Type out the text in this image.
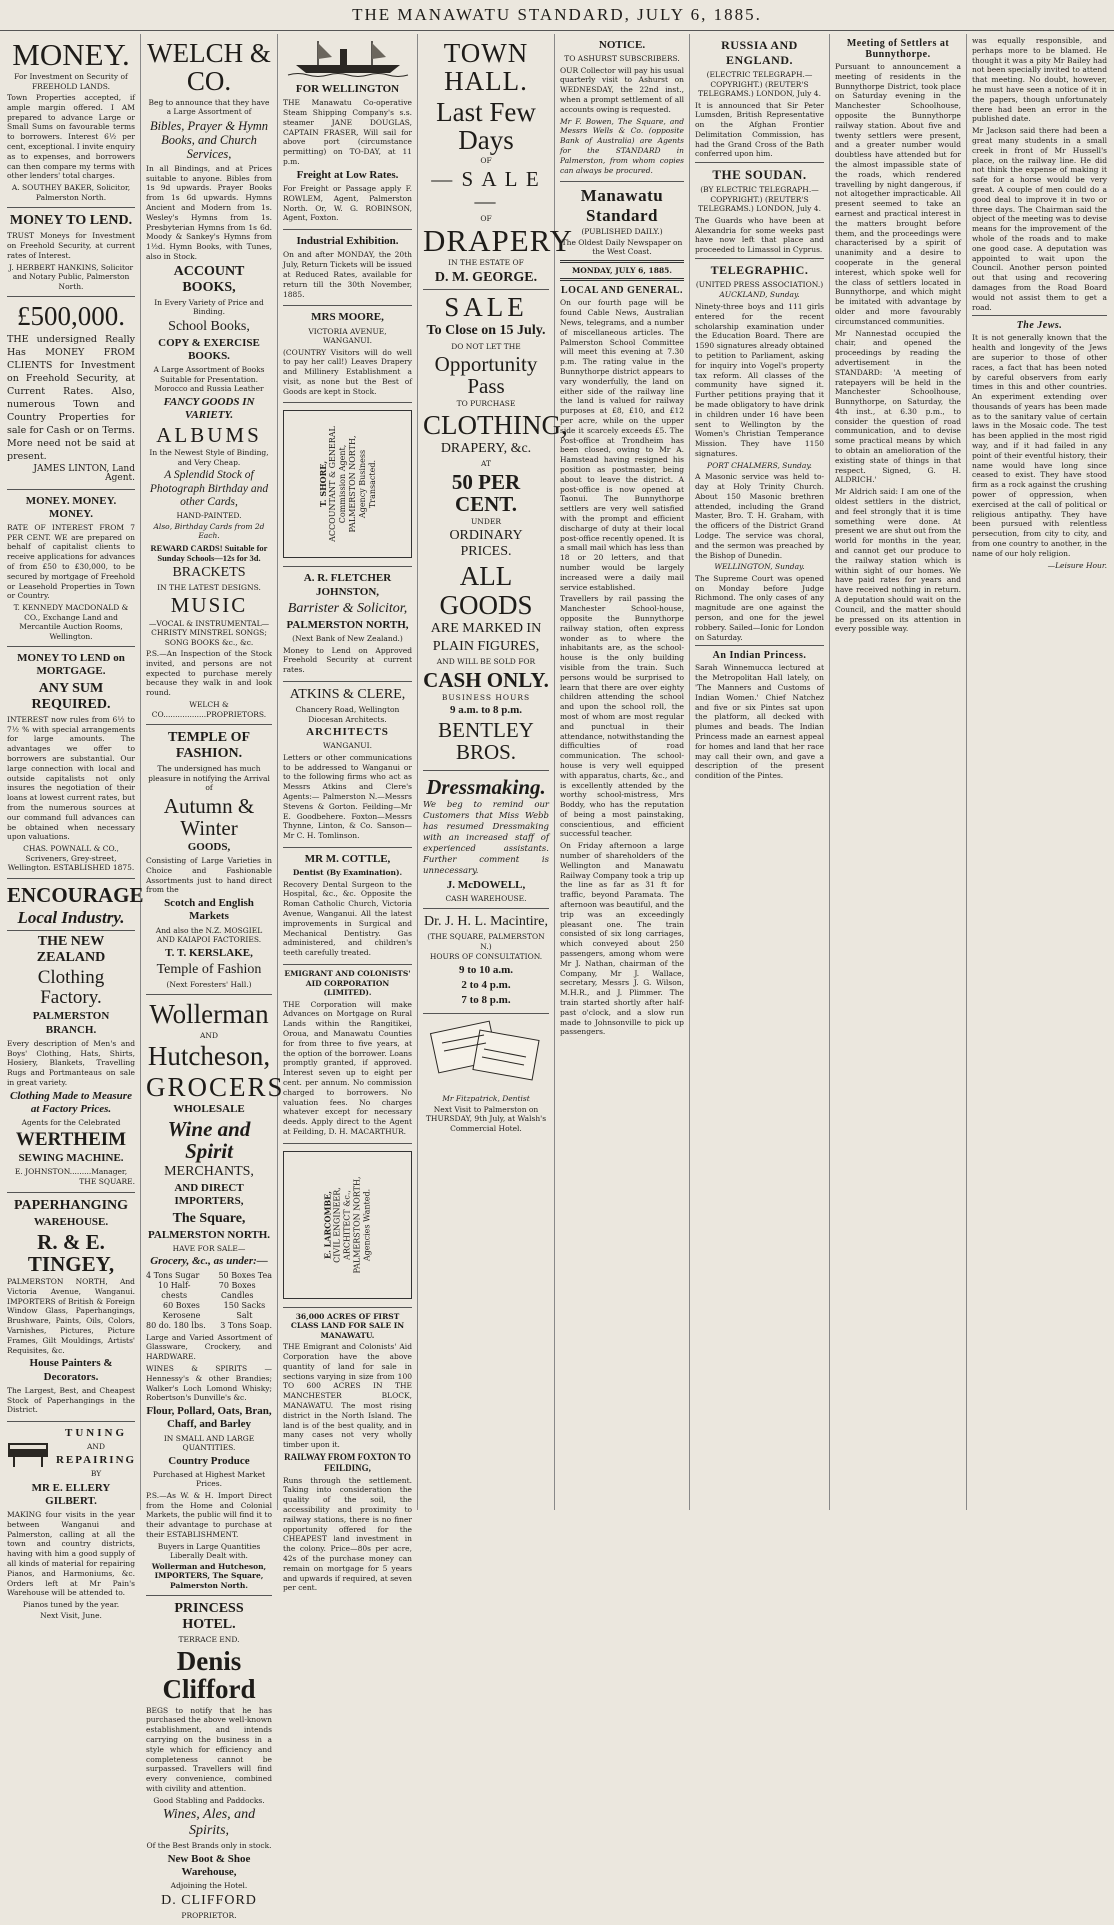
THE MANAWATU STANDARD, JULY 6, 1885.
MONEY.
For Investment on Security of FREEHOLD LANDS.
Town Properties accepted, if ample margin offered. I AM prepared to advance Large or Small Sums on favourable terms to borrowers. Interest 6½ per cent, exceptional. I invite enquiry as to expenses, and borrowers can then compare my terms with other lenders' total charges.
A. SOUTHEY BAKER, Solicitor, Palmerston North.
MONEY TO LEND.
TRUST Moneys for Investment on Freehold Security, at current rates of Interest.
J. HERBERT HANKINS, Solicitor and Notary Public, Palmerston North.
£500,000.
THE undersigned Really Has MONEY FROM CLIENTS for Investment on Freehold Security, at Current Rates. Also, numerous Town and Country Properties for sale for Cash or on Terms. More need not be said at present.
JAMES LINTON, Land Agent.
MONEY. MONEY. MONEY.
RATE OF INTEREST FROM 7 PER CENT. WE are prepared on behalf of capitalist clients to receive applications for advances of from £50 to £30,000, to be secured by mortgage of Freehold or Leasehold Properties in Town or Country.
T. KENNEDY MACDONALD & CO., Exchange Land and Mercantile Auction Rooms, Wellington.
MONEY TO LEND on MORTGAGE.
ANY SUM REQUIRED.
INTEREST now rules from 6½ to 7½ % with special arrangements for large amounts. The advantages we offer to borrowers are substantial. Our large connection with local and outside capitalists not only insures the negotiation of their loans at lowest current rates, but from the numerous sources at our command full advances can be obtained when necessary upon valuations.
CHAS. POWNALL & CO., Scriveners, Grey-street, Wellington. ESTABLISHED 1875.
ENCOURAGE
Local Industry.
THE NEW ZEALAND
Clothing Factory.
PALMERSTON BRANCH.
Every description of Men's and Boys' Clothing, Hats, Shirts, Hosiery, Blankets, Travelling Rugs and Portmanteaus on sale in great variety.
Clothing Made to Measure at Factory Prices.
Agents for the Celebrated
WERTHEIM
SEWING MACHINE.
E. JOHNSTON.........Manager,
THE SQUARE.
PAPERHANGING
WAREHOUSE.
R. & E. TINGEY,
PALMERSTON NORTH, And Victoria Avenue, Wanganui. IMPORTERS of British & Foreign Window Glass, Paperhangings, Brushware, Paints, Oils, Colors, Varnishes, Pictures, Picture Frames, Gilt Mouldings, Artists' Requisites, &c.
House Painters & Decorators.
The Largest, Best, and Cheapest Stock of Paperhangings in the District.
TUNING
AND
REPAIRING
BY
MR E. ELLERY GILBERT.
MAKING four visits in the year between Wanganui and Palmerston, calling at all the town and country districts, having with him a good supply of all kinds of material for repairing Pianos, and Harmoniums, &c. Orders left at Mr Pain's Warehouse will be attended to.
Pianos tuned by the year.
Next Visit, June.
WELCH & CO.
Beg to announce that they have a Large Assortment of
Bibles, Prayer & Hymn Books, and Church Services,
In all Bindings, and at Prices suitable to anyone. Bibles from 1s 9d upwards. Prayer Books from 1s 6d upwards. Hymns Ancient and Modern from 1s. Wesley's Hymns from 1s. Presbyterian Hymns from 1s 6d. Moody & Sankey's Hymns from 1½d. Hymn Books, with Tunes, also in Stock.
ACCOUNT BOOKS,
In Every Variety of Price and Binding.
School Books,
COPY & EXERCISE BOOKS.
A Large Assortment of Books Suitable for Presentation. Morocco and Russia Leather
FANCY GOODS IN VARIETY.
ALBUMS
In the Newest Style of Binding, and Very Cheap.
A Splendid Stock of Photograph Birthday and other Cards,
HAND-PAINTED.
Also, Birthday Cards from 2d Each.
REWARD CARDS! Suitable for Sunday Schools—12s for 3d.
BRACKETS
IN THE LATEST DESIGNS.
MUSIC
—VOCAL & INSTRUMENTAL— CHRISTY MINSTREL SONGS; SONG BOOKS &c., &c.
P.S.—An Inspection of the Stock invited, and persons are not expected to purchase merely because they walk in and look round.
WELCH & CO..................PROPRIETORS.
TEMPLE OF FASHION.
The undersigned has much pleasure in notifying the Arrival of
Autumn & Winter
GOODS,
Consisting of Large Varieties in Choice and Fashionable Assortments just to hand direct from the
Scotch and English Markets
And also the N.Z. MOSGIEL AND KAIAPOI FACTORIES.
T. T. KERSLAKE,
Temple of Fashion
(Next Foresters' Hall.)
Wollerman
AND
Hutcheson,
GROCERS
WHOLESALE
Wine and Spirit
MERCHANTS,
AND DIRECT IMPORTERS,
The Square,
PALMERSTON NORTH.
HAVE FOR SALE—
Grocery, &c., as under:—
4 Tons Sugar 50 Boxes Tea
10 Half-chests
70 Boxes Candles
60 Boxes Kerosene
150 Sacks Salt
80 do. 180 lbs. 3 Tons Soap.
Large and Varied Assortment of Glassware, Crockery, and HARDWARE.
WINES & SPIRITS — Hennessy's & other Brandies; Walker's Loch Lomond Whisky; Robertson's Dunville's &c.
Flour, Pollard, Oats, Bran, Chaff, and Barley
IN SMALL AND LARGE QUANTITIES.
Country Produce
Purchased at Highest Market Prices.
P.S.—As W. & H. Import Direct from the Home and Colonial Markets, the public will find it to their advantage to purchase at their ESTABLISHMENT.
Buyers in Large Quantities Liberally Dealt with.
Wollerman and Hutcheson, IMPORTERS, The Square, Palmerston North.
PRINCESS HOTEL.
TERRACE END.
Denis Clifford
BEGS to notify that he has purchased the above well-known establishment, and intends carrying on the business in a style which for efficiency and completeness cannot be surpassed. Travellers will find every convenience, combined with civility and attention.
Good Stabling and Paddocks.
Wines, Ales, and Spirits,
Of the Best Brands only in stock.
New Boot & Shoe Warehouse,
Adjoining the Hotel.
D. CLIFFORD
PROPRIETOR.
FOR WELLINGTON
THE Manawatu Co-operative Steam Shipping Company's s.s. steamer JANE DOUGLAS, CAPTAIN FRASER, Will sail for above port (circumstance permitting) on TO-DAY, at 11 p.m.
Freight at Low Rates.
For Freight or Passage apply F. ROWLEM, Agent, Palmerston North. Or, W. G. ROBINSON, Agent, Foxton.
Industrial Exhibition.
On and after MONDAY, the 20th July, Return Tickets will be issued at Reduced Rates, available for return till the 30th November, 1885.
MRS MOORE,
VICTORIA AVENUE, WANGANUI.
(COUNTRY Visitors will do well to pay her call!) Leaves Drapery and Millinery Establishment a visit, as none but the Best of Goods are kept in Stock.
T. SHORE, ACCOUNTANT & GENERAL Commission Agent, PALMERSTON NORTH, Agency Business Transacted.
A. R. FLETCHER JOHNSTON,
Barrister & Solicitor,
PALMERSTON NORTH,
(Next Bank of New Zealand.)
Money to Lend on Approved Freehold Security at current rates.
ATKINS & CLERE,
Chancery Road, Wellington Diocesan Architects.
ARCHITECTS
WANGANUI.
Letters or other communications to be addressed to Wanganui or to the following firms who act as Messrs Atkins and Clere's Agents:— Palmerston N.—Messrs Stevens & Gorton. Feilding—Mr E. Goodbehere. Foxton—Messrs Thynne, Linton, & Co. Sanson—Mr C. H. Tomlinson.
MR M. COTTLE,
Dentist (By Examination).
Recovery Dental Surgeon to the Hospital, &c., &c. Opposite the Roman Catholic Church, Victoria Avenue, Wanganui. All the latest improvements in Surgical and Mechanical Dentistry. Gas administered, and children's teeth carefully treated.
EMIGRANT AND COLONISTS' AID CORPORATION (LIMITED).
THE Corporation will make Advances on Mortgage on Rural Lands within the Rangitikei, Oroua, and Manawatu Counties for from three to five years, at the option of the borrower. Loans promptly granted, if approved. Interest seven up to eight per cent. per annum. No commission charged to borrowers. No valuation fees. No charges whatever except for necessary deeds. Apply direct to the Agent at Feilding, D. H. MACARTHUR.
E. LARCOMBE, CIVIL ENGINEER, ARCHITECT &c., PALMERSTON NORTH, Agencies Wanted.
36,000 ACRES OF FIRST CLASS LAND FOR SALE IN MANAWATU.
THE Emigrant and Colonists' Aid Corporation have the above quantity of land for sale in sections varying in size from 100 TO 600 ACRES IN THE MANCHESTER BLOCK, MANAWATU. The most rising district in the North Island. The land is of the best quality, and in many cases not very wholly timber upon it.
RAILWAY FROM FOXTON TO FEILDING,
Runs through the settlement. Taking into consideration the quality of the soil, the accessibility and proximity to railway stations, there is no finer opportunity offered for the CHEAPEST land investment in the colony. Price—80s per acre, 42s of the purchase money can remain on mortgage for 5 years and upwards if required, at seven per cent.
TOWN HALL.
Last Few Days
OF
— S A L E —
OF
DRAPERY
IN THE ESTATE OF
D. M. GEORGE.
SALE
To Close on 15 July.
DO NOT LET THE
Opportunity Pass
TO PURCHASE
CLOTHING,
DRAPERY, &c.
AT
50 PER CENT.
UNDER
ORDINARY PRICES.
ALL GOODS
ARE MARKED IN
PLAIN FIGURES,
AND WILL BE SOLD FOR
CASH ONLY.
BUSINESS HOURS
9 a.m. to 8 p.m.
BENTLEY BROS.
Dressmaking.
We beg to remind our Customers that Miss Webb has resumed Dressmaking with an increased staff of experienced assistants. Further comment is unnecessary.
J. McDOWELL,
CASH WAREHOUSE.
Dr. J. H. L. Macintire,
(THE SQUARE, PALMERSTON N.)
HOURS OF CONSULTATION.
9 to 10 a.m.
2 to 4 p.m.
7 to 8 p.m.
Mr Fitzpatrick, Dentist
Next Visit to Palmerston on THURSDAY, 9th July, at Walsh's Commercial Hotel.
NOTICE.
TO ASHURST SUBSCRIBERS.
OUR Collector will pay his usual quarterly visit to Ashurst on WEDNESDAY, the 22nd inst., when a prompt settlement of all accounts owing is requested.
Mr F. Bowen, The Square, and Messrs Wells & Co. (opposite Bank of Australia) are Agents for the STANDARD in Palmerston, from whom copies can always be procured.
Manawatu Standard
(PUBLISHED DAILY.)
The Oldest Daily Newspaper on the West Coast.
MONDAY, JULY 6, 1885.
LOCAL AND GENERAL.
On our fourth page will be found Cable News, Australian News, telegrams, and a number of miscellaneous articles. The Palmerston School Committee will meet this evening at 7.30 p.m. The rating value in the Bunnythorpe district appears to vary wonderfully, the land on either side of the railway line the land is valued for railway purposes at £8, £10, and £12 per acre, while on the upper side it scarcely exceeds £5. The Post-office at Trondheim has been closed, owing to Mr A. Hamstead having resigned his position as postmaster, being about to leave the district. A post-office is now opened at Taonui. The Bunnythorpe settlers are very well satisfied with the prompt and efficient discharge of duty at their local post-office recently opened. It is a small mail which has less than 18 or 20 letters, and that number would be largely increased were a daily mail service established.
Travellers by rail passing the Manchester School-house, opposite the Bunnythorpe railway station, often express wonder as to where the inhabitants are, as the school-house is the only building visible from the train. Such persons would be surprised to learn that there are over eighty children attending the school and upon the school roll, the most of whom are most regular and punctual in their attendance, notwithstanding the difficulties of road communication. The school-house is very well equipped with apparatus, charts, &c., and is excellently attended by the worthy school-mistress, Mrs Boddy, who has the reputation of being a most painstaking, conscientious, and efficient successful teacher.
On Friday afternoon a large number of shareholders of the Wellington and Manawatu Railway Company took a trip up the line as far as 31 ft for traffic, beyond Paramata. The afternoon was beautiful, and the trip was an exceedingly pleasant one. The train consisted of six long carriages, which conveyed about 250 passengers, among whom were Mr J. Nathan, chairman of the Company, Mr J. Wallace, secretary, Messrs J. G. Wilson, M.H.R., and J. Plimmer. The train started shortly after half-past o'clock, and a slow run made to Johnsonville to pick up passengers.
RUSSIA AND ENGLAND.
(ELECTRIC TELEGRAPH.—COPYRIGHT.) (REUTER'S TELEGRAMS.) LONDON, July 4.
It is announced that Sir Peter Lumsden, British Representative on the Afghan Frontier Delimitation Commission, has had the Grand Cross of the Bath conferred upon him.
THE SOUDAN.
(BY ELECTRIC TELEGRAPH.—COPYRIGHT.) (REUTER'S TELEGRAMS.) LONDON, July 4.
The Guards who have been at Alexandria for some weeks past have now left that place and proceeded to Limassol in Cyprus.
TELEGRAPHIC.
(UNITED PRESS ASSOCIATION.)
AUCKLAND, Sunday.
Ninety-three boys and 111 girls entered for the recent scholarship examination under the Education Board. There are 1590 signatures already obtained to petition to Parliament, asking for inquiry into Vogel's property tax reform. All classes of the community have signed it. Further petitions praying that it be made obligatory to have drink in children under 16 have been sent to Wellington by the Women's Christian Temperance Mission. They have 1150 signatures.
PORT CHALMERS, Sunday.
A Masonic service was held to-day at Holy Trinity Church. About 150 Masonic brethren attended, including the Grand Master, Bro. T. H. Graham, with the officers of the District Grand Lodge. The service was choral, and the sermon was preached by the Bishop of Dunedin.
WELLINGTON, Sunday.
The Supreme Court was opened on Monday before Judge Richmond. The only cases of any magnitude are one against the person, and one for the jewel robbery. Sailed—Ionic for London on Saturday.
An Indian Princess.
Sarah Winnemucca lectured at the Metropolitan Hall lately, on 'The Manners and Customs of Indian Women.' Chief Natchez and five or six Pintes sat upon the platform, all decked with plumes and beads. The Indian Princess made an earnest appeal for homes and land that her race may call their own, and gave a description of the present condition of the Pintes.
Meeting of Settlers at Bunnythorpe.
Pursuant to announcement a meeting of residents in the Bunnythorpe District, took place on Saturday evening in the Manchester Schoolhouse, opposite the Bunnythorpe railway station. About five and twenty settlers were present, and a greater number would doubtless have attended but for the almost impassible state of the roads, which rendered travelling by night dangerous, if not altogether impracticable. All present seemed to take an earnest and practical interest in the matters brought before them, and the proceedings were characterised by a spirit of unanimity and a desire to cooperate in the general interest, which spoke well for the class of settlers located in Bunnythorpe, and which might be imitated with advantage by older and more favourably circumstanced communities.
Mr Nannestad occupied the chair, and opened the proceedings by reading the advertisement in the STANDARD: 'A meeting of ratepayers will be held in the Manchester Schoolhouse, Bunnythorpe, on Saturday, the 4th inst., at 6.30 p.m., to consider the question of road communication, and to devise some practical means by which to obtain an amelioration of the existing state of things in that respect. Signed, G. H. ALDRICH.'
Mr Aldrich said: I am one of the oldest settlers in the district, and feel strongly that it is time something were done. At present we are shut out from the world for months in the year, and cannot get our produce to the railway station which is within sight of our homes. We have paid rates for years and have received nothing in return. A deputation should wait on the Council, and the matter should be pressed on its attention in every possible way.
was equally responsible, and perhaps more to be blamed. He thought it was a pity Mr Bailey had not been specially invited to attend that meeting. No doubt, however, he must have seen a notice of it in the papers, though unfortunately there had been an error in the published date.
Mr Jackson said there had been a great many students in a small creek in front of Mr Hussell's place, on the railway line. He did not think the expense of making it safe for a horse would be very great. A couple of men could do a good deal to improve it in two or three days. The Chairman said the object of the meeting was to devise means for the improvement of the whole of the roads and to make one good case. A deputation was appointed to wait upon the Council. Another person pointed out that using and recovering damages from the Road Board would not assist them to get a road.
The Jews.
It is not generally known that the health and longevity of the Jews are superior to those of other races, a fact that has been noted by careful observers from early times in this and other countries. An experiment extending over thousands of years has been made as to the sanitary value of certain laws in the Mosaic code. The test has been applied in the most rigid way, and if it had failed in any point of their eventful history, their name would have long since ceased to exist. They have stood firm as a rock against the crushing power of oppression, when exercised at the call of political or religious antipathy. They have been pursued with relentless persecution, from city to city, and from one country to another, in the name of our holy religion.
—Leisure Hour.
